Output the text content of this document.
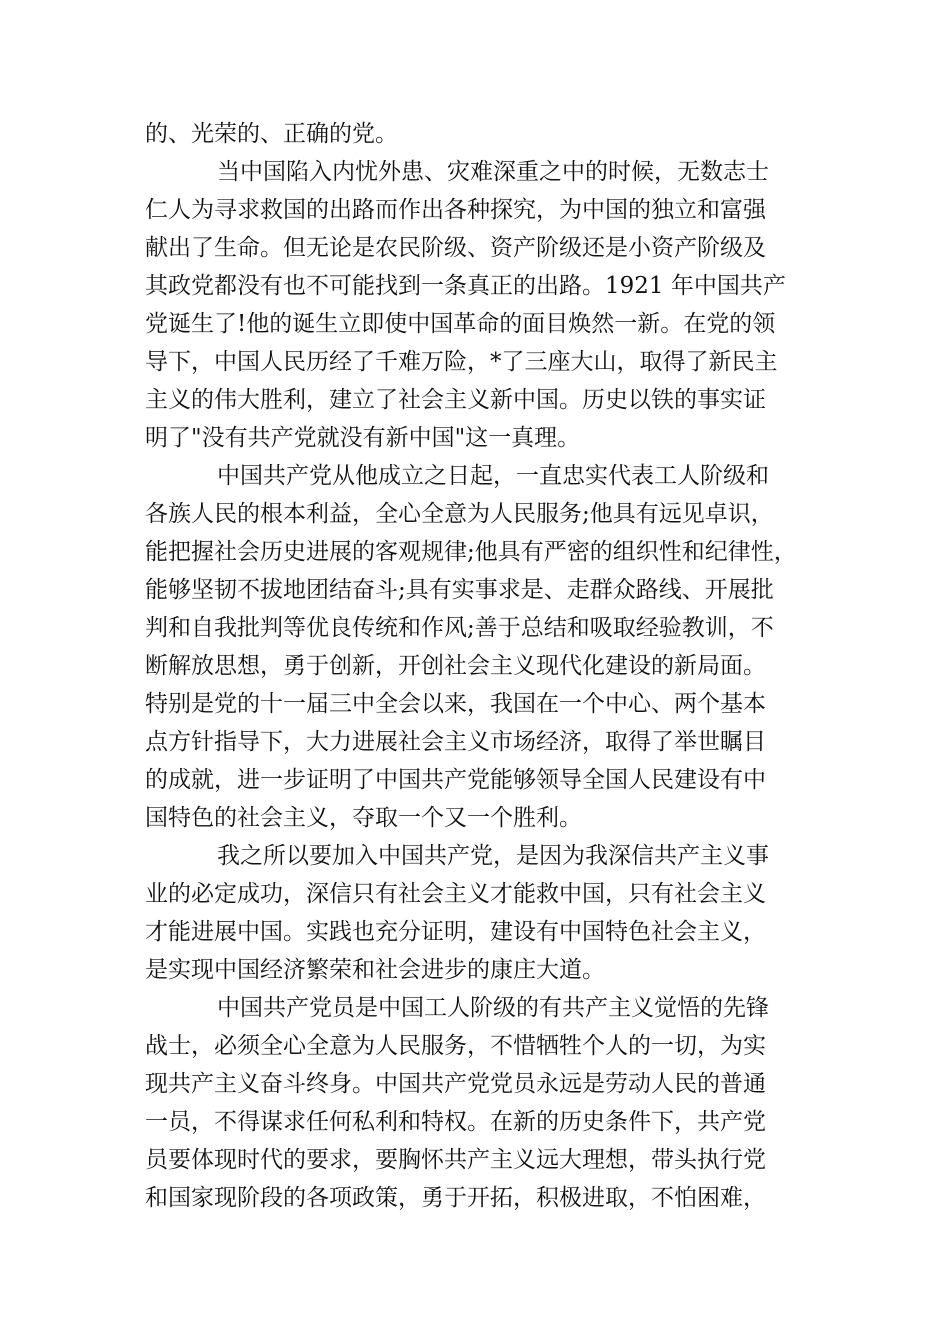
的、光荣的、正确的党。
当中国陷入内忧外患、灾难深重之中的时候，无数志士
仁人为寻求救国的出路而作出各种探究，为中国的独立和富强
献出了生命。但无论是农民阶级、资产阶级还是小资产阶级及
其政党都没有也不可能找到一条真正的出路。1921 年中国共产
党诞生了!他的诞生立即使中国革命的面目焕然一新。在党的领
导下，中国人民历经了千难万险，*了三座大山，取得了新民主
主义的伟大胜利，建立了社会主义新中国。历史以铁的事实证
明了"没有共产党就没有新中国"这一真理。
中国共产党从他成立之日起，一直忠实代表工人阶级和
各族人民的根本利益，全心全意为人民服务;他具有远见卓识，
能把握社会历史进展的客观规律;他具有严密的组织性和纪律性，
能够坚韧不拔地团结奋斗;具有实事求是、走群众路线、开展批
判和自我批判等优良传统和作风;善于总结和吸取经验教训，不
断解放思想，勇于创新，开创社会主义现代化建设的新局面。
特别是党的十一届三中全会以来，我国在一个中心、两个基本
点方针指导下，大力进展社会主义市场经济，取得了举世瞩目
的成就，进一步证明了中国共产党能够领导全国人民建设有中
国特色的社会主义，夺取一个又一个胜利。
我之所以要加入中国共产党，是因为我深信共产主义事
业的必定成功，深信只有社会主义才能救中国，只有社会主义
才能进展中国。实践也充分证明，建设有中国特色社会主义，
是实现中国经济繁荣和社会进步的康庄大道。
中国共产党员是中国工人阶级的有共产主义觉悟的先锋
战士，必须全心全意为人民服务，不惜牺牲个人的一切，为实
现共产主义奋斗终身。中国共产党党员永远是劳动人民的普通
一员，不得谋求任何私利和特权。在新的历史条件下，共产党
员要体现时代的要求，要胸怀共产主义远大理想，带头执行党
和国家现阶段的各项政策，勇于开拓，积极进取，不怕困难，
